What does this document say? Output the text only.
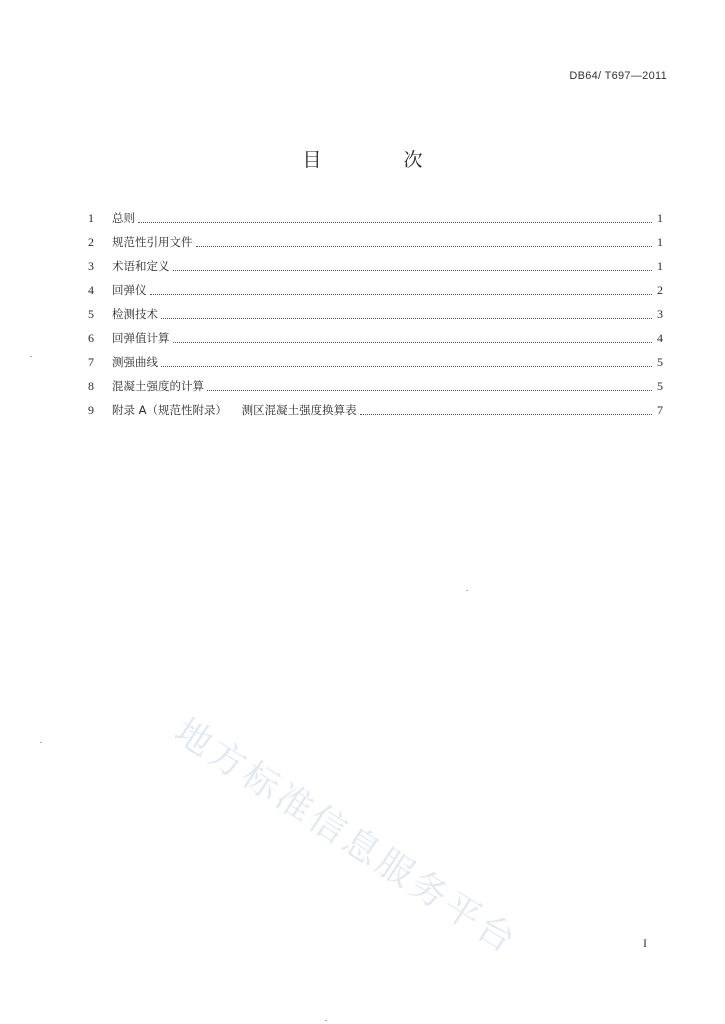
DB64/ T697—2011
目 次
1	总则	1
2	规范性引用文件	1
3	术语和定义	1
4	回弹仪	2
5	检测技术	3
6	回弹值计算	4
7	测强曲线	5
8	混凝土强度的计算	5
9	附录 A（规范性附录）    测区混凝土强度换算表	7
地方标准信息服务平台	I
